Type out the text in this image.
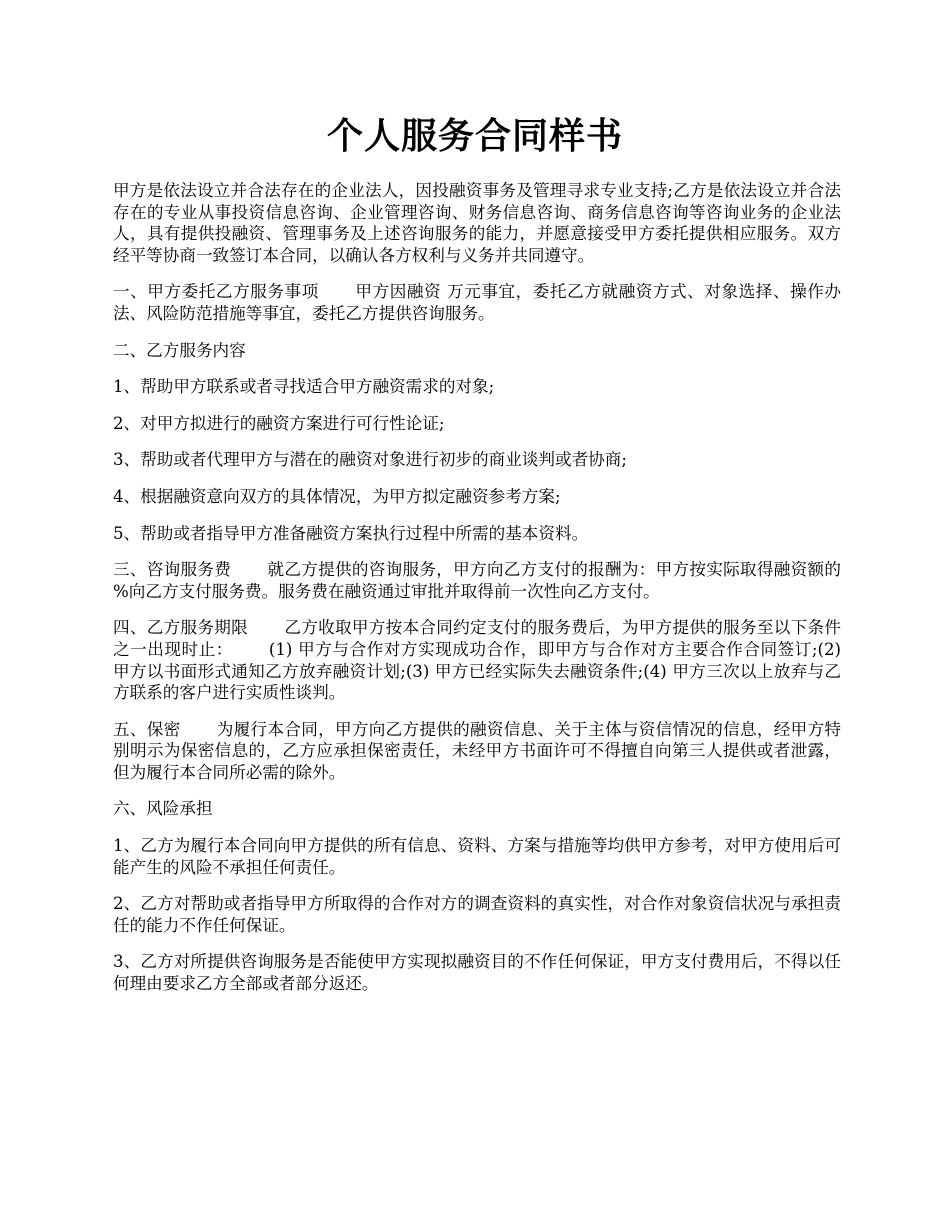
个人服务合同样书

甲方是依法设立并合法存在的企业法人，因投融资事务及管理寻求专业支持;乙方是依法设立并合法存在的专业从事投资信息咨询、企业管理咨询、财务信息咨询、商务信息咨询等咨询业务的企业法人，具有提供投融资、管理事务及上述咨询服务的能力，并愿意接受甲方委托提供相应服务。双方经平等协商一致签订本合同，以确认各方权利与义务并共同遵守。

一、甲方委托乙方服务事项 甲方因融资 万元事宜，委托乙方就融资方式、对象选择、操作办法、风险防范措施等事宜，委托乙方提供咨询服务。

二、乙方服务内容

1、帮助甲方联系或者寻找适合甲方融资需求的对象;

2、对甲方拟进行的融资方案进行可行性论证;

3、帮助或者代理甲方与潜在的融资对象进行初步的商业谈判或者协商;

4、根据融资意向双方的具体情况，为甲方拟定融资参考方案;

5、帮助或者指导甲方准备融资方案执行过程中所需的基本资料。

三、咨询服务费 就乙方提供的咨询服务，甲方向乙方支付的报酬为：甲方按实际取得融资额的 %向乙方支付服务费。服务费在融资通过审批并取得前一次性向乙方支付。

四、乙方服务期限 乙方收取甲方按本合同约定支付的服务费后，为甲方提供的服务至以下条件之一出现时止： (1) 甲方与合作对方实现成功合作，即甲方与合作对方主要合作合同签订;(2) 甲方以书面形式通知乙方放弃融资计划;(3) 甲方已经实际失去融资条件;(4) 甲方三次以上放弃与乙方联系的客户进行实质性谈判。

五、保密 为履行本合同，甲方向乙方提供的融资信息、关于主体与资信情况的信息，经甲方特别明示为保密信息的，乙方应承担保密责任，未经甲方书面许可不得擅自向第三人提供或者泄露，但为履行本合同所必需的除外。

六、风险承担

1、乙方为履行本合同向甲方提供的所有信息、资料、方案与措施等均供甲方参考，对甲方使用后可能产生的风险不承担任何责任。

2、乙方对帮助或者指导甲方所取得的合作对方的调查资料的真实性，对合作对象资信状况与承担责任的能力不作任何保证。

3、乙方对所提供咨询服务是否能使甲方实现拟融资目的不作任何保证，甲方支付费用后，不得以任何理由要求乙方全部或者部分返还。
